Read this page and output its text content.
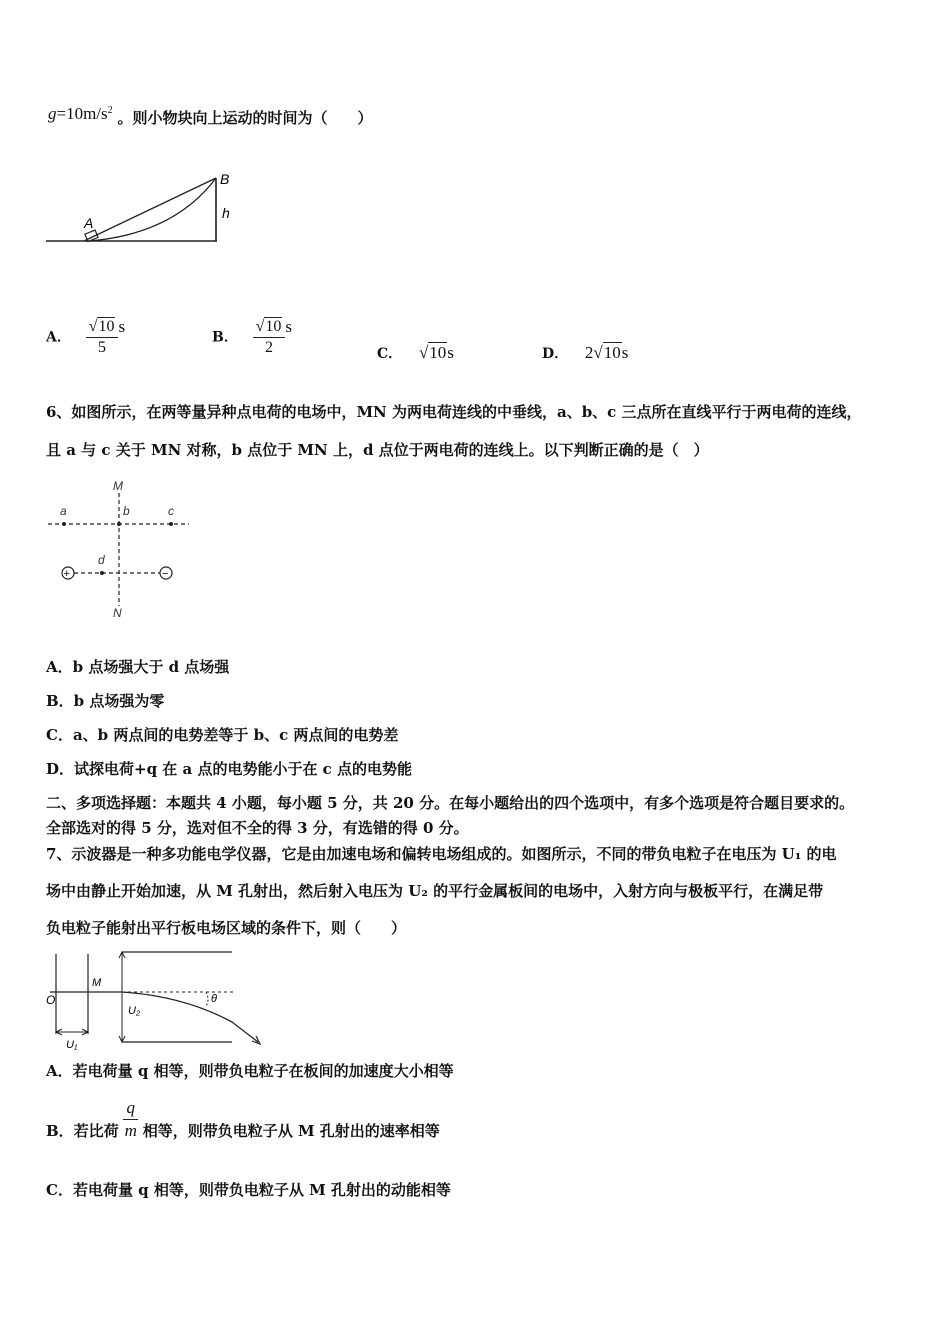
$g=10m/s^2$ 。则小物块向上运动的时间为（　　）
A
B
h
A． $\frac{√10}{5}$ s
B． $\frac{√10}{2}$ s
C． √10s	D． 2√10s
6、如图所示，在两等量异种点电荷的电场中，MN 为两电荷连线的中垂线，a、b、c 三点所在直线平行于两电荷的连线，
且 a 与 c 关于 MN 对称，b 点位于 MN 上，d 点位于两电荷的连线上。以下判断正确的是（　）
+	−
M
N
a	b	c
d
A．b 点场强大于 d 点场强
B．b 点场强为零
C．a、b 两点间的电势差等于 b、c 两点间的电势差
D．试探电荷+q 在 a 点的电势能小于在 c 点的电势能
二、多项选择题：本题共 4 小题，每小题 5 分，共 20 分。在每小题给出的四个选项中，有多个选项是符合题目要求的。
全部选对的得 5 分，选对但不全的得 3 分，有选错的得 0 分。
7、示波器是一种多功能电学仪器，它是由加速电场和偏转电场组成的。如图所示，不同的带负电粒子在电压为 U₁ 的电
场中由静止开始加速，从 M 孔射出，然后射入电压为 U₂ 的平行金属板间的电场中，入射方向与极板平行，在满足带
负电粒子能射出平行板电场区域的条件下，则（　　）
O
M
U₂
U₁
θ
A．若电荷量 q 相等，则带负电粒子在板间的加速度大小相等
B．若比荷 $\frac{q}{m}$ 相等，则带负电粒子从 M 孔射出的速率相等
C．若电荷量 q 相等，则带负电粒子从 M 孔射出的动能相等
